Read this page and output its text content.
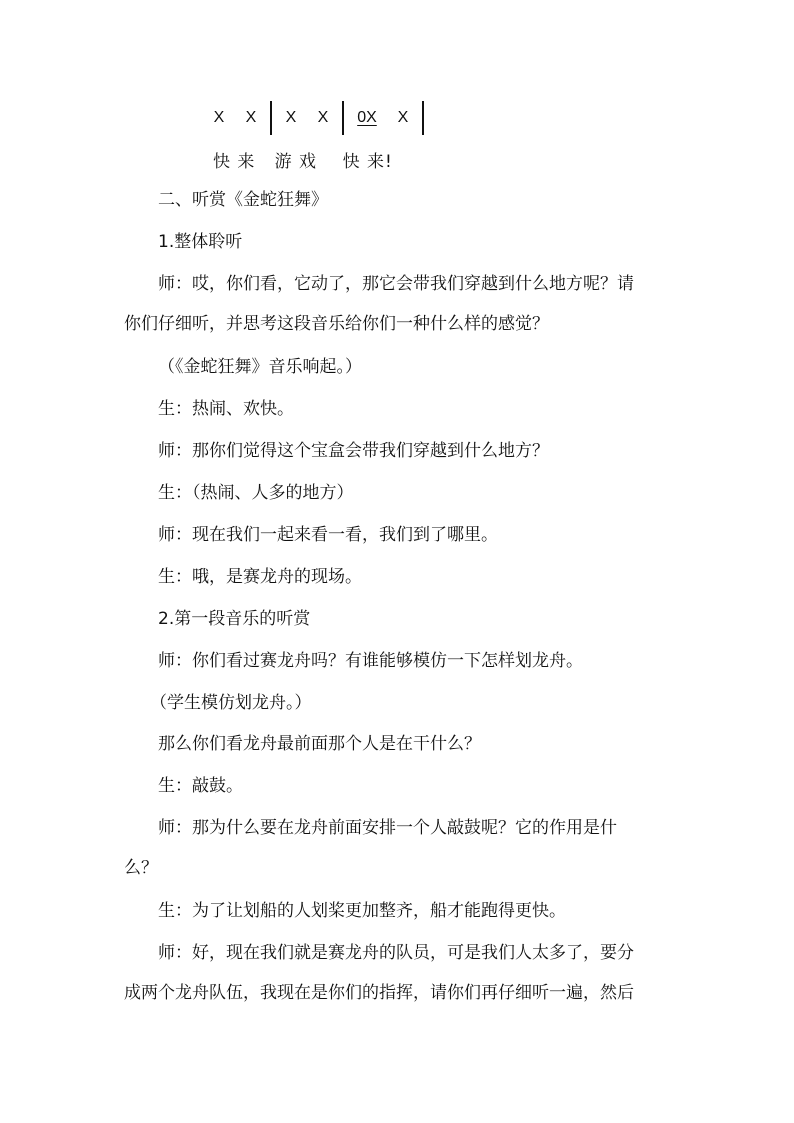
X X X X 0X X
快 来   游 戏    快 来!

二、听赏《金蛇狂舞》

1.整体聆听

师：哎，你们看，它动了，那它会带我们穿越到什么地方呢？请
你们仔细听，并思考这段音乐给你们一种什么样的感觉？

（《金蛇狂舞》音乐响起。）

生：热闹、欢快。

师：那你们觉得这个宝盒会带我们穿越到什么地方？

生：（热闹、人多的地方）

师：现在我们一起来看一看，我们到了哪里。

生：哦，是赛龙舟的现场。

2.第一段音乐的听赏

师：你们看过赛龙舟吗？有谁能够模仿一下怎样划龙舟。

（学生模仿划龙舟。）

那么你们看龙舟最前面那个人是在干什么？

生：敲鼓。

师：那为什么要在龙舟前面安排一个人敲鼓呢？它的作用是什
么？

生：为了让划船的人划桨更加整齐，船才能跑得更快。

师：好，现在我们就是赛龙舟的队员，可是我们人太多了，要分
成两个龙舟队伍，我现在是你们的指挥，请你们再仔细听一遍，然后
